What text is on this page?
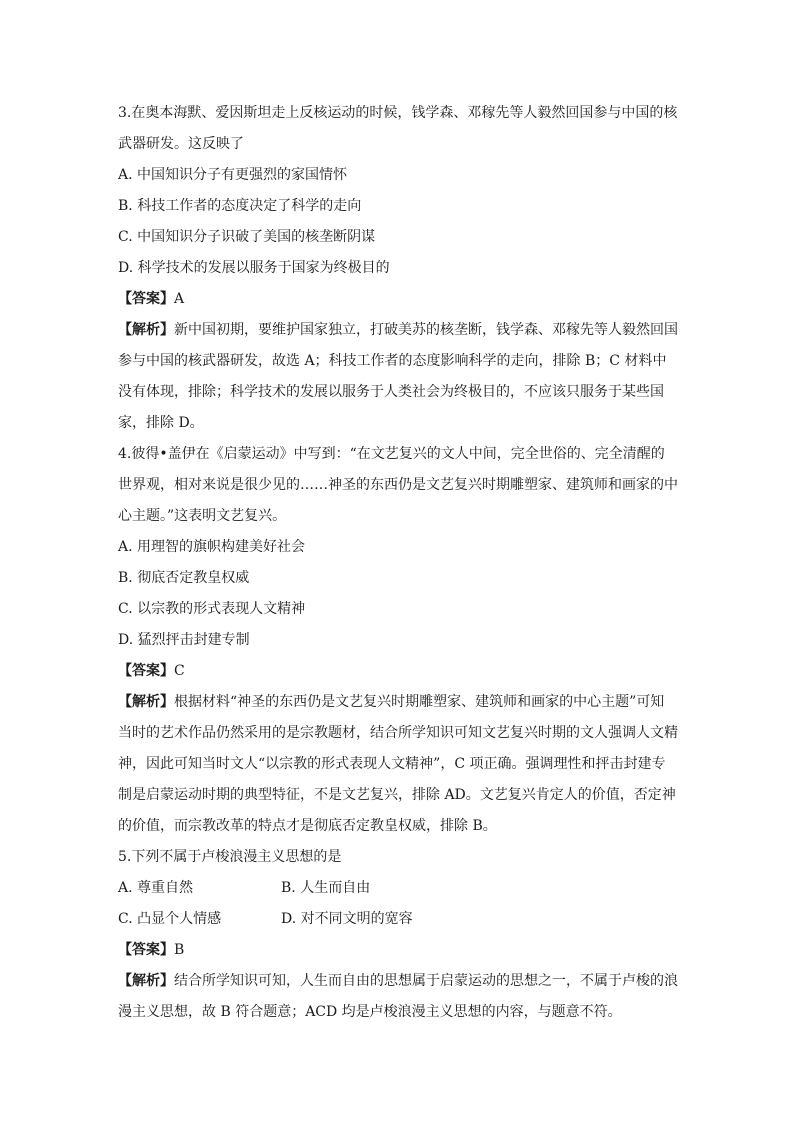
3.在奥本海默、爱因斯坦走上反核运动的时候，钱学森、邓稼先等人毅然回国参与中国的核
武器研发。这反映了
A. 中国知识分子有更强烈的家国情怀
B. 科技工作者的态度决定了科学的走向
C. 中国知识分子识破了美国的核垄断阴谋
D. 科学技术的发展以服务于国家为终极目的
【答案】A
【解析】新中国初期，要维护国家独立，打破美苏的核垄断，钱学森、邓稼先等人毅然回国参与中国的核武器研发，故选 A；科技工作者的态度影响科学的走向，排除 B；C 材料中没有体现，排除；科学技术的发展以服务于人类社会为终极目的，不应该只服务于某些国家，排除 D。
4.彼得•盖伊在《启蒙运动》中写到：“在文艺复兴的文人中间，完全世俗的、完全清醒的世界观，相对来说是很少见的……神圣的东西仍是文艺复兴时期雕塑家、建筑师和画家的中心主题。”这表明文艺复兴。
A. 用理智的旗帜构建美好社会
B. 彻底否定教皇权威
C. 以宗教的形式表现人文精神
D. 猛烈抨击封建专制
【答案】C
【解析】根据材料“神圣的东西仍是文艺复兴时期雕塑家、建筑师和画家的中心主题”可知当时的艺术作品仍然采用的是宗教题材，结合所学知识可知文艺复兴时期的文人强调人文精神，因此可知当时文人“以宗教的形式表现人文精神”，C 项正确。强调理性和抨击封建专制是启蒙运动时期的典型特征，不是文艺复兴，排除 AD。文艺复兴肯定人的价值，否定神的价值，而宗教改革的特点才是彻底否定教皇权威，排除 B。
5.下列不属于卢梭浪漫主义思想的是
A. 尊重自然	B. 人生而自由
C. 凸显个人情感	D. 对不同文明的宽容
【答案】B
【解析】结合所学知识可知，人生而自由的思想属于启蒙运动的思想之一，不属于卢梭的浪漫主义思想，故 B 符合题意；ACD 均是卢梭浪漫主义思想的内容，与题意不符。
